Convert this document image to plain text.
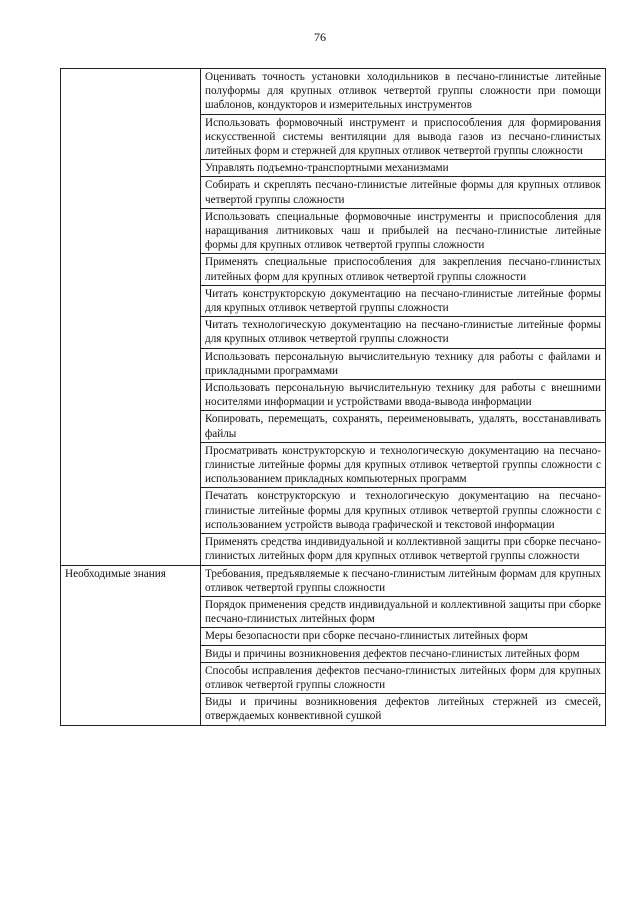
76
	Оценивать точность установки холодильников в песчано-глинистые литейные полуформы для крупных отливок четвертой группы сложности при помощи шаблонов, кондукторов и измерительных инструментов
	Использовать формовочный инструмент и приспособления для формирования искусственной системы вентиляции для вывода газов из песчано-глинистых литейных форм и стержней для крупных отливок четвертой группы сложности
	Управлять подъемно-транспортными механизмами
	Собирать и скреплять песчано-глинистые литейные формы для крупных отливок четвертой группы сложности
	Использовать специальные формовочные инструменты и приспособления для наращивания литниковых чаш и прибылей на песчано-глинистые литейные формы для крупных отливок четвертой группы сложности
	Применять специальные приспособления для закрепления песчано-глинистых литейных форм для крупных отливок четвертой группы сложности
	Читать конструкторскую документацию на песчано-глинистые литейные формы для крупных отливок четвертой группы сложности
	Читать технологическую документацию на песчано-глинистые литейные формы для крупных отливок четвертой группы сложности
	Использовать персональную вычислительную технику для работы с файлами и прикладными программами
	Использовать персональную вычислительную технику для работы с внешними носителями информации и устройствами ввода-вывода информации
	Копировать, перемещать, сохранять, переименовывать, удалять, восстанавливать файлы
	Просматривать конструкторскую и технологическую документацию на песчано-глинистые литейные формы для крупных отливок четвертой группы сложности с использованием прикладных компьютерных программ
	Печатать конструкторскую и технологическую документацию на песчано-глинистые литейные формы для крупных отливок четвертой группы сложности с использованием устройств вывода графической и текстовой информации
	Применять средства индивидуальной и коллективной защиты при сборке песчано-глинистых литейных форм для крупных отливок четвертой группы сложности
Необходимые знания	Требования, предъявляемые к песчано-глинистым литейным формам для крупных отливок четвертой группы сложности
	Порядок применения средств индивидуальной и коллективной защиты при сборке песчано-глинистых литейных форм
	Меры безопасности при сборке песчано-глинистых литейных форм
	Виды и причины возникновения дефектов песчано-глинистых литейных форм
	Способы исправления дефектов песчано-глинистых литейных форм для крупных отливок четвертой группы сложности
	Виды и причины возникновения дефектов литейных стержней из смесей, отверждаемых конвективной сушкой
